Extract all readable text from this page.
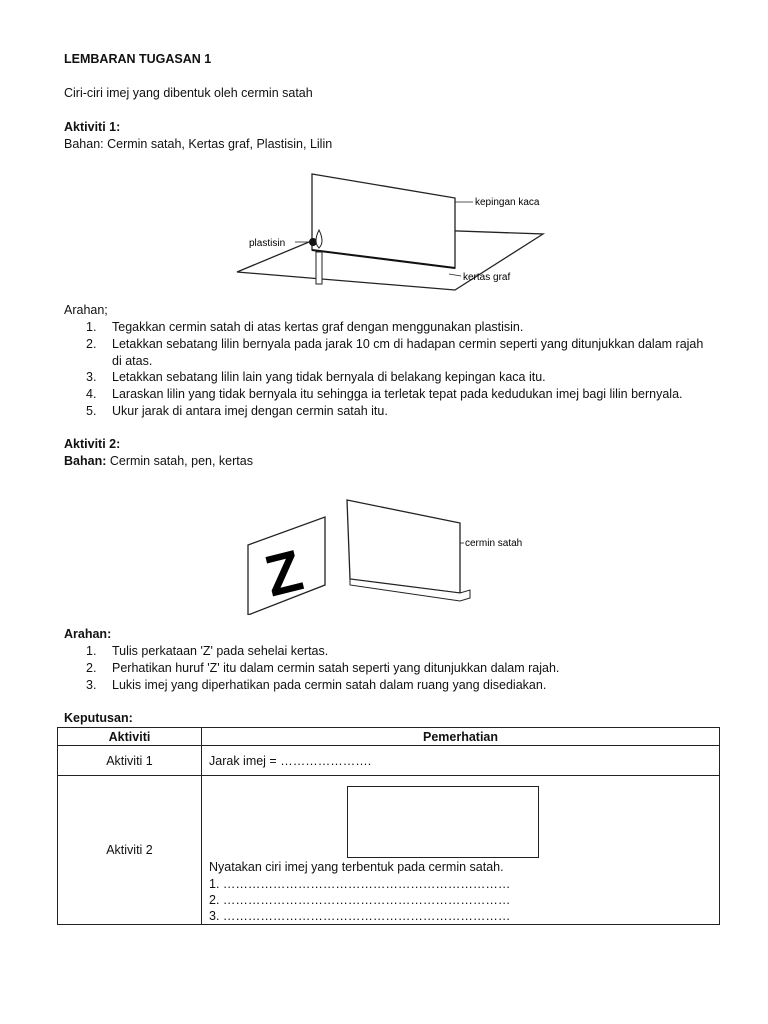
LEMBARAN TUGASAN 1
Ciri-ciri imej yang dibentuk oleh cermin satah
Aktiviti 1:
Bahan: Cermin satah, Kertas graf, Plastisin, Lilin
kepingan kaca
plastisin
kertas graf
Arahan;
1. Tegakkan cermin satah di atas kertas graf dengan menggunakan plastisin.
2. Letakkan sebatang lilin bernyala pada jarak 10 cm di hadapan cermin seperti yang ditunjukkan dalam rajah
di atas.
3. Letakkan sebatang lilin lain yang tidak bernyala di belakang kepingan kaca itu.
4. Laraskan lilin yang tidak bernyala itu sehingga ia terletak tepat pada kedudukan imej bagi lilin bernyala.
5. Ukur jarak di antara imej dengan cermin satah itu.
Aktiviti 2:
Bahan: Cermin satah, pen, kertas
Z	cermin satah
Arahan:
1. Tulis perkataan 'Z' pada sehelai kertas.
2. Perhatikan huruf 'Z' itu dalam cermin satah seperti yang ditunjukkan dalam rajah.
3. Lukis imej yang diperhatikan pada cermin satah dalam ruang yang disediakan.
Keputusan:
Aktiviti	Pemerhatian
Aktiviti 1	Jarak imej = ………………….
Aktiviti 2	Nyatakan ciri imej yang terbentuk pada cermin satah.
1. ……………………………………………………………
2. ……………………………………………………………
3. ……………………………………………………………
